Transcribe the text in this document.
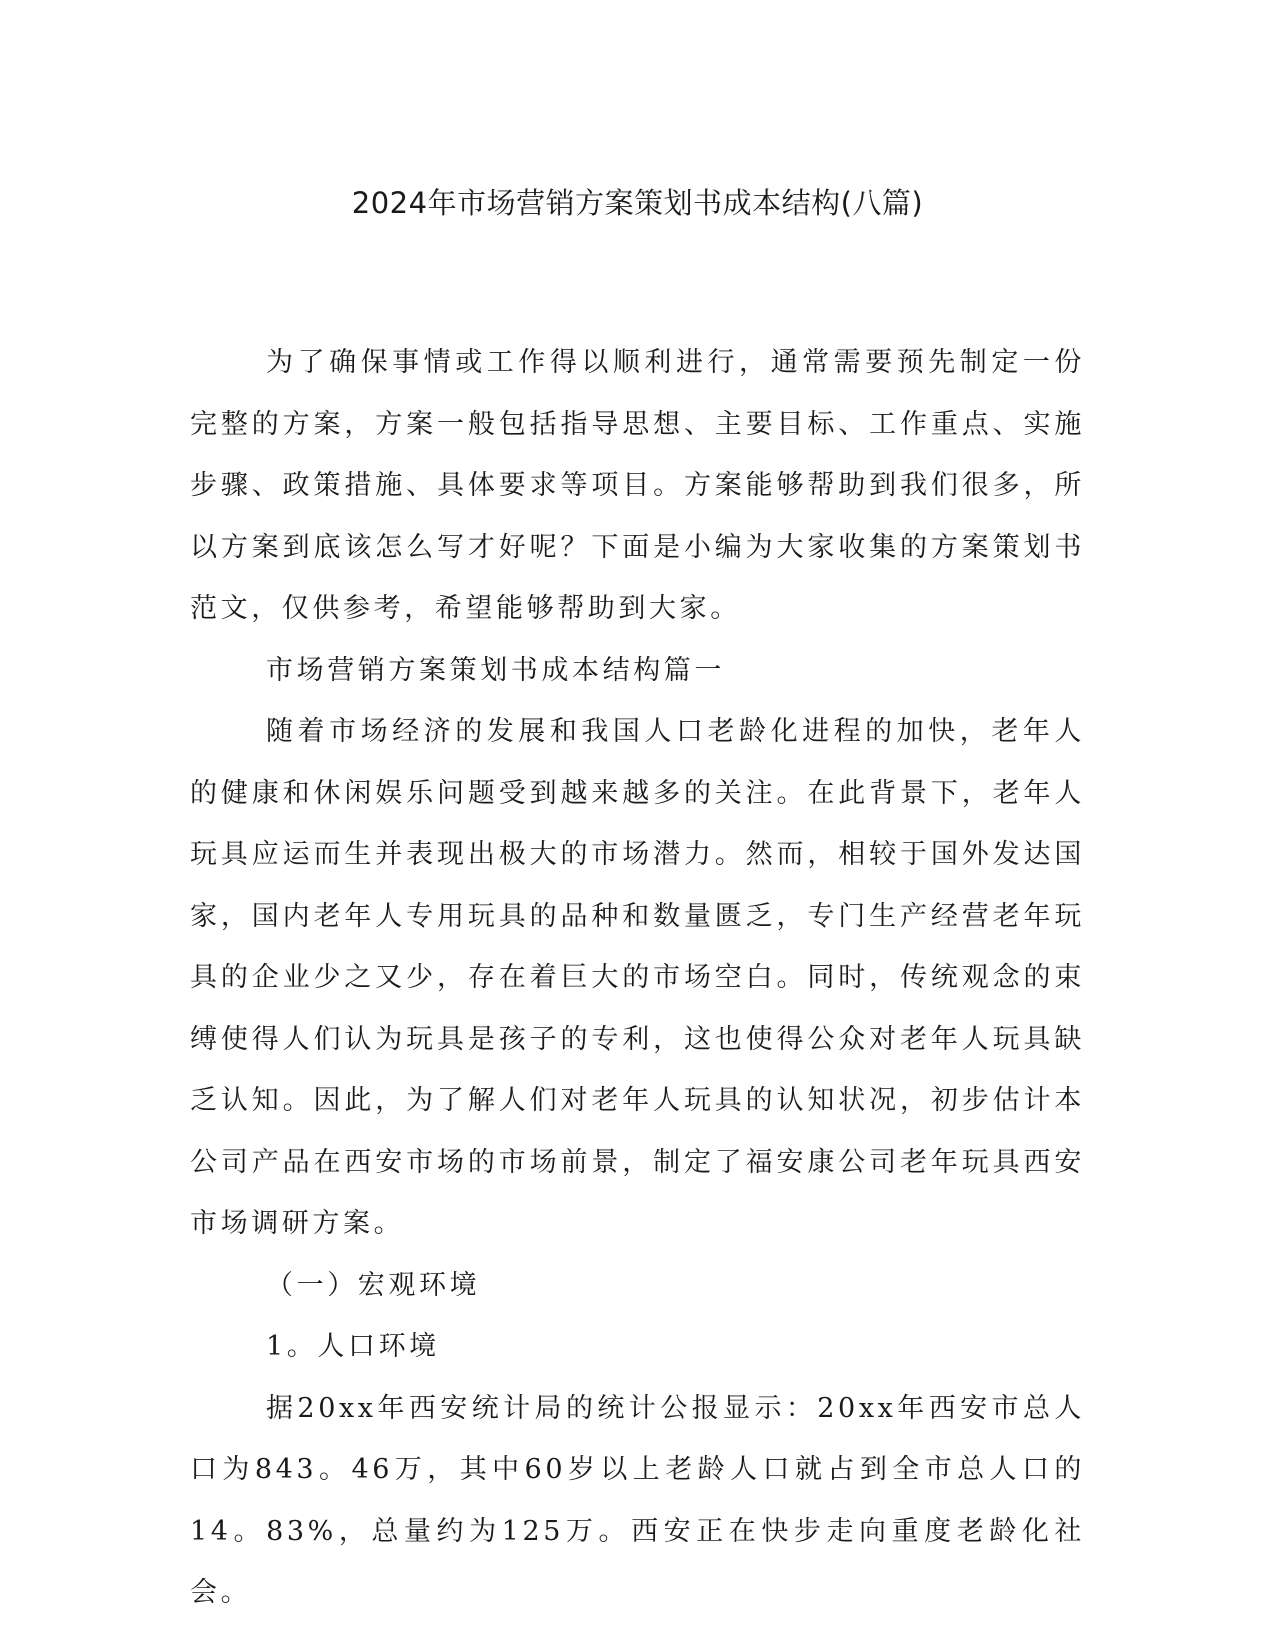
2024年市场营销方案策划书成本结构(八篇)

为了确保事情或工作得以顺利进行，通常需要预先制定一份完整的方案，方案一般包括指导思想、主要目标、工作重点、实施步骤、政策措施、具体要求等项目。方案能够帮助到我们很多，所以方案到底该怎么写才好呢？下面是小编为大家收集的方案策划书范文，仅供参考，希望能够帮助到大家。

市场营销方案策划书成本结构篇一

随着市场经济的发展和我国人口老龄化进程的加快，老年人的健康和休闲娱乐问题受到越来越多的关注。在此背景下，老年人玩具应运而生并表现出极大的市场潜力。然而，相较于国外发达国家，国内老年人专用玩具的品种和数量匮乏，专门生产经营老年玩具的企业少之又少，存在着巨大的市场空白。同时，传统观念的束缚使得人们认为玩具是孩子的专利，这也使得公众对老年人玩具缺乏认知。因此，为了解人们对老年人玩具的认知状况，初步估计本公司产品在西安市场的市场前景，制定了福安康公司老年玩具西安市场调研方案。

（一）宏观环境

1。人口环境

据20xx年西安统计局的统计公报显示：20xx年西安市总人口为843。46万，其中60岁以上老龄人口就占到全市总人口的14。83%，总量约为125万。西安正在快步走向重度老龄化社会。
